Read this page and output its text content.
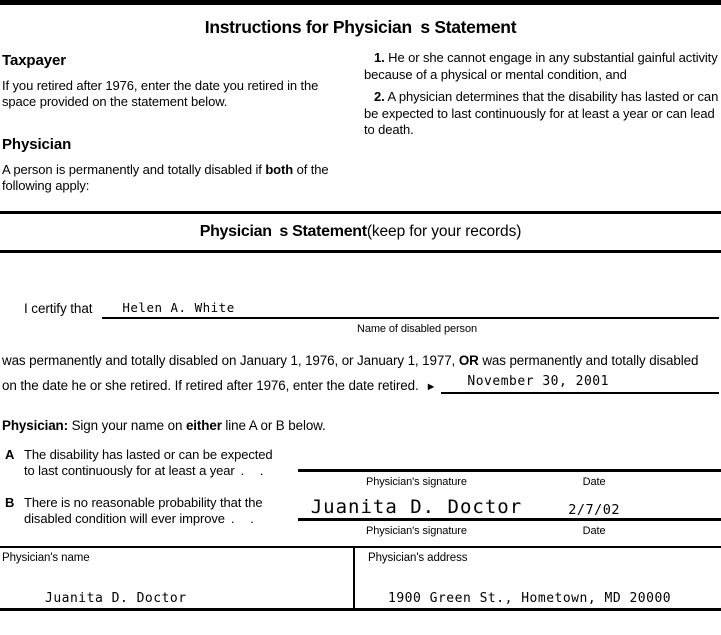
Instructions for Physician s Statement
Taxpayer

If you retired after 1976, enter the date you retired in the space provided on the statement below.

Physician

A person is permanently and totally disabled if both of the following apply:

1. He or she cannot engage in any substantial gainful activity because of a physical or mental condition, and

2. A physician determines that the disability has lasted or can be expected to last continuously for at least a year or can lead to death.

Physician s Statement(keep for your records)
I certify that Helen A. White
Name of disabled person
was permanently and totally disabled on January 1, 1976, or January 1, 1977, OR was permanently and totally disabled
on the date he or she retired. If retired after 1976, enter the date retired. ► November 30, 2001
Physician: Sign your name on either line A or B below.
A The disability has lasted or can be expected
to last continuously for at least a year . .
Physician's signature	Date
B There is no reasonable probability that the
disabled condition will ever improve . .	Juanita D. Doctor	2/7/02
Physician's signature	Date
Physician's name
Juanita D. Doctor
Physician's address
1900 Green St., Hometown, MD 20000
